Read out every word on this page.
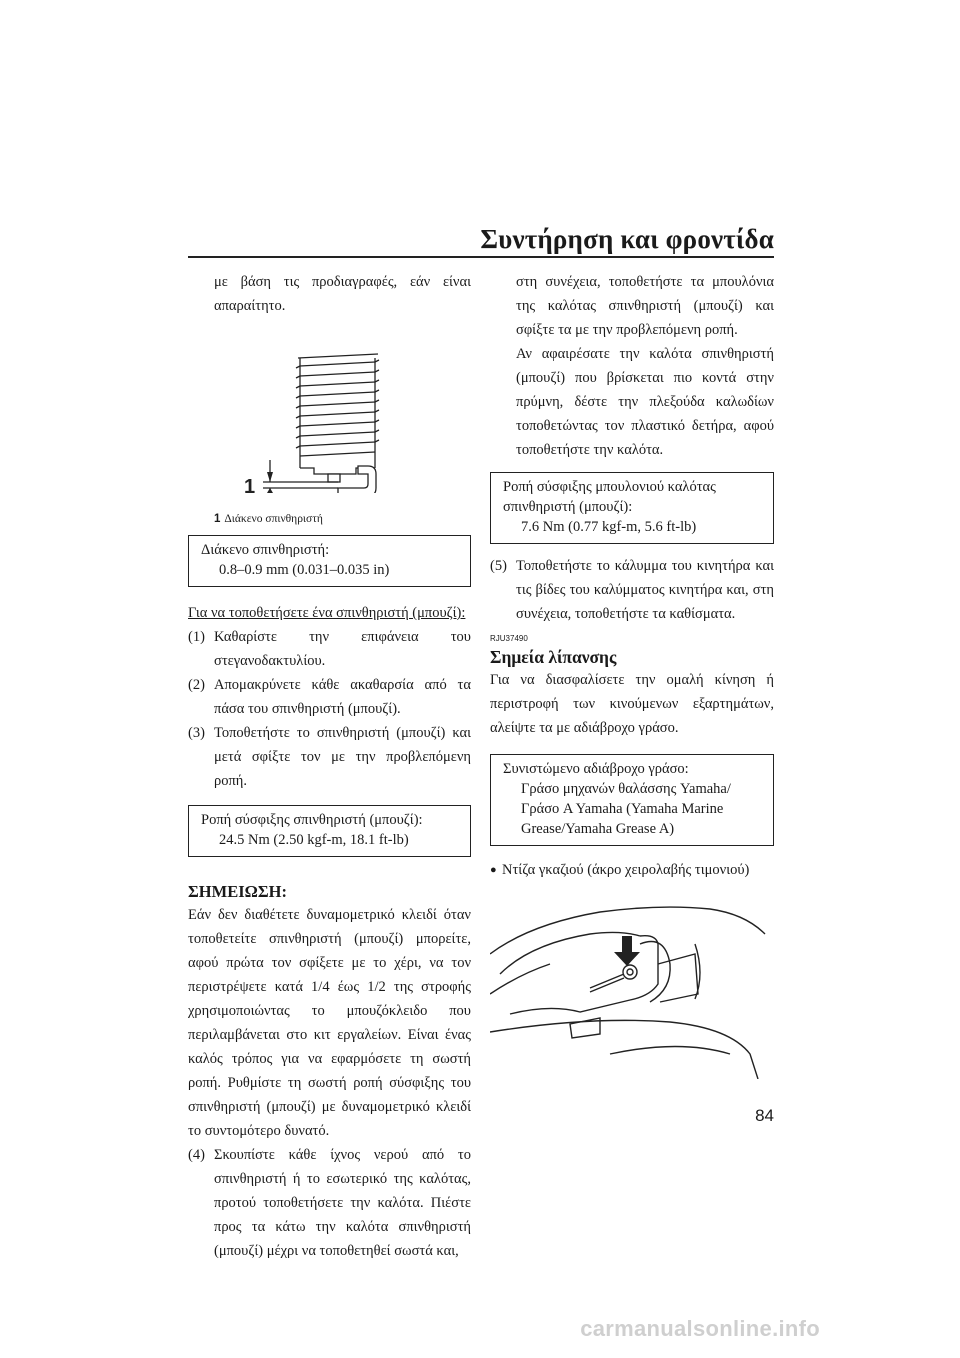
Συντήρηση και φροντίδα

με βάση τις προδιαγραφές, εάν είναι απαραίτητο.

1

1 Διάκενο σπινθηριστή

Διάκενο σπινθηριστή:
0.8–0.9 mm (0.031–0.035 in)

Για να τοποθετήσετε ένα σπινθηριστή (μπουζί):

(1) Καθαρίστε την επιφάνεια του στεγανοδακτυλίου.
(2) Απομακρύνετε κάθε ακαθαρσία από τα πάσα του σπινθηριστή (μπουζί).
(3) Τοποθετήστε το σπινθηριστή (μπουζί) και μετά σφίξτε τον με την προβλεπόμενη ροπή.
Ροπή σύσφιξης σπινθηριστή (μπουζί):
24.5 Nm (2.50 kgf-m, 18.1 ft-lb)

ΣΗΜΕΙΩΣΗ:

Εάν δεν διαθέτετε δυναμομετρικό κλειδί όταν τοποθετείτε σπινθηριστή (μπουζί) μπορείτε, αφού πρώτα τον σφίξετε με το χέρι, να τον περιστρέψετε κατά 1/4 έως 1/2 της στροφής χρησιμοποιώντας το μπουζόκλειδο που περιλαμβάνεται στο κιτ εργαλείων. Είναι ένας καλός τρόπος για να εφαρμόσετε τη σωστή ροπή. Ρυθμίστε τη σωστή ροπή σύσφιξης του σπινθηριστή (μπουζί) με δυναμομετρικό κλειδί το συντομότερο δυνατό.

(4) Σκουπίστε κάθε ίχνος νερού από το σπινθηριστή ή το εσωτερικό της καλότας, προτού τοποθετήσετε την καλότα. Πιέστε προς τα κάτω την καλότα σπινθηριστή (μπουζί) μέχρι να τοποθετηθεί σωστά και,

στη συνέχεια, τοποθετήστε τα μπουλόνια της καλότας σπινθηριστή (μπουζί) και σφίξτε τα με την προβλεπόμενη ροπή.

Αν αφαιρέσατε την καλότα σπινθηριστή (μπουζί) που βρίσκεται πιο κοντά στην πρύμνη, δέστε την πλεξούδα καλωδίων τοποθετώντας τον πλαστικό δετήρα, αφού τοποθετήστε την καλότα.

Ροπή σύσφιξης μπουλονιού καλότας σπινθηριστή (μπουζί):
7.6 Nm (0.77 kgf-m, 5.6 ft-lb)
(5) Τοποθετήστε το κάλυμμα του κινητήρα και τις βίδες του καλύμματος κινητήρα και, στη συνέχεια, τοποθετήστε τα καθίσματα.
RJU37490

Σημεία λίπανσης

Για να διασφαλίσετε την ομαλή κίνηση ή περιστροφή των κινούμενων εξαρτημάτων, αλείψτε τα με αδιάβροχο γράσο.

Συνιστώμενο αδιάβροχο γράσο:
Γράσο μηχανών θαλάσσης Yamaha/Γράσο A Yamaha (Yamaha Marine Grease/Yamaha Grease A)
● Ντίζα γκαζιού (άκρο χειρολαβής τιμονιού)
84
carmanualsonline.info
